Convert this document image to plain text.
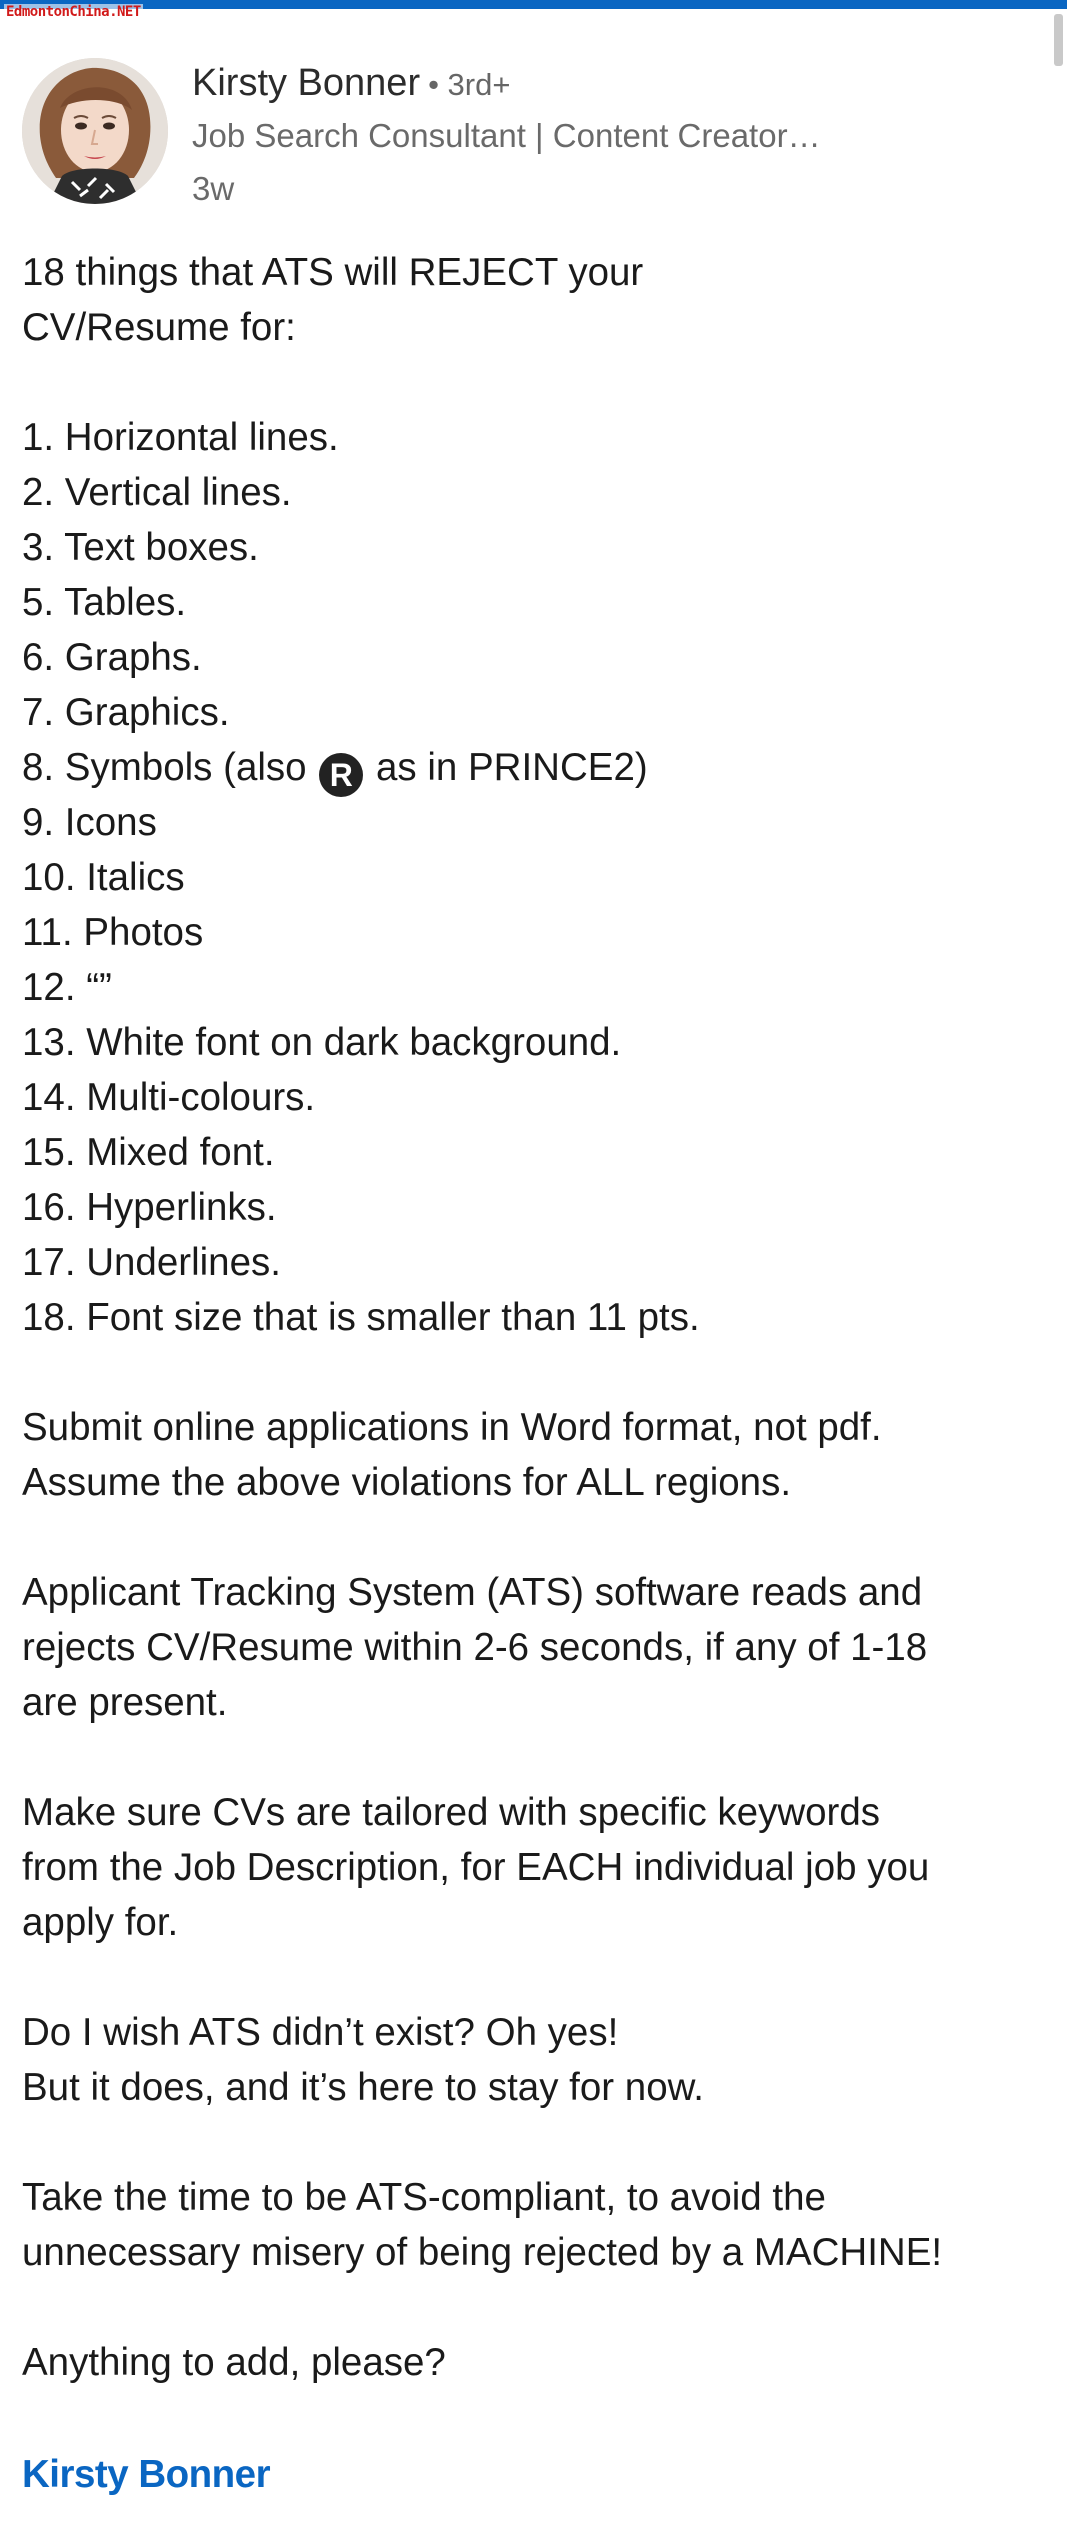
EdmontonChina.NET
Kirsty Bonner • 3rd+
Job Search Consultant | Content Creator…
3w
18 things that ATS will REJECT your
CV/Resume for:
1. Horizontal lines.
2. Vertical lines.
3. Text boxes.
5. Tables.
6. Graphs.
7. Graphics.
8. Symbols (also R as in PRINCE2)
9. Icons
10. Italics
11. Photos
12. “”
13. White font on dark background.
14. Multi-colours.
15. Mixed font.
16. Hyperlinks.
17. Underlines.
18. Font size that is smaller than 11 pts.
Submit online applications in Word format, not pdf.
Assume the above violations for ALL regions.
Applicant Tracking System (ATS) software reads and
rejects CV/Resume within 2-6 seconds, if any of 1-18
are present.
Make sure CVs are tailored with specific keywords
from the Job Description, for EACH individual job you
apply for.
Do I wish ATS didn’t exist? Oh yes!
But it does, and it’s here to stay for now.
Take the time to be ATS-compliant, to avoid the
unnecessary misery of being rejected by a MACHINE!
Anything to add, please?
Kirsty Bonner
